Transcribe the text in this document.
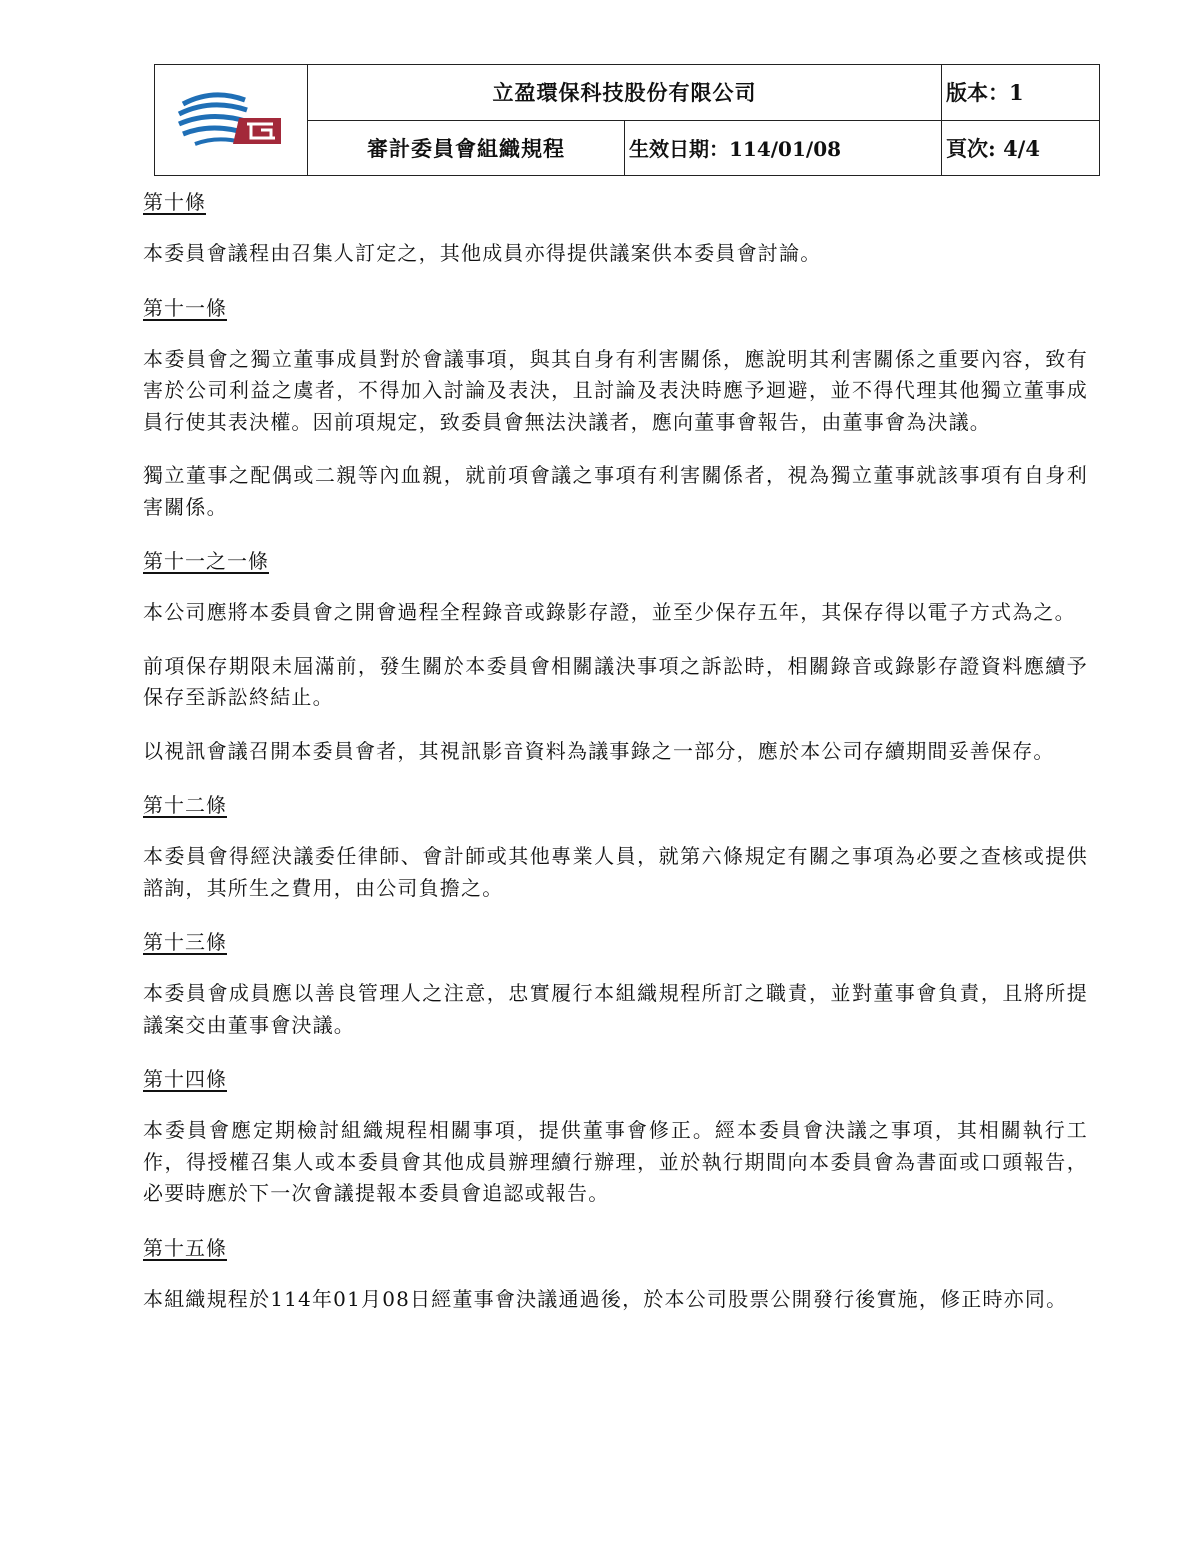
	立盈環保科技股份有限公司		版本：1
	審計委員會組織規程	生效日期：114/01/08	頁次: 4/4
第十條

本委員會議程由召集人訂定之，其他成員亦得提供議案供本委員會討論。

第十一條

本委員會之獨立董事成員對於會議事項，與其自身有利害關係，應說明其利害關係之重要內容，致有害於公司利益之虞者，不得加入討論及表決，且討論及表決時應予迴避，並不得代理其他獨立董事成員行使其表決權。因前項規定，致委員會無法決議者，應向董事會報告，由董事會為決議。

獨立董事之配偶或二親等內血親，就前項會議之事項有利害關係者，視為獨立董事就該事項有自身利害關係。

第十一之一條

本公司應將本委員會之開會過程全程錄音或錄影存證，並至少保存五年，其保存得以電子方式為之。

前項保存期限未屆滿前，發生關於本委員會相關議決事項之訴訟時，相關錄音或錄影存證資料應續予保存至訴訟終結止。

以視訊會議召開本委員會者，其視訊影音資料為議事錄之一部分，應於本公司存續期間妥善保存。

第十二條

本委員會得經決議委任律師、會計師或其他專業人員，就第六條規定有關之事項為必要之查核或提供諮詢，其所生之費用，由公司負擔之。

第十三條

本委員會成員應以善良管理人之注意，忠實履行本組織規程所訂之職責，並對董事會負責，且將所提議案交由董事會決議。

第十四條

本委員會應定期檢討組織規程相關事項，提供董事會修正。經本委員會決議之事項，其相關執行工作，得授權召集人或本委員會其他成員辦理續行辦理，並於執行期間向本委員會為書面或口頭報告，必要時應於下一次會議提報本委員會追認或報告。

第十五條

本組織規程於114年01月08日經董事會決議通過後，於本公司股票公開發行後實施，修正時亦同。
